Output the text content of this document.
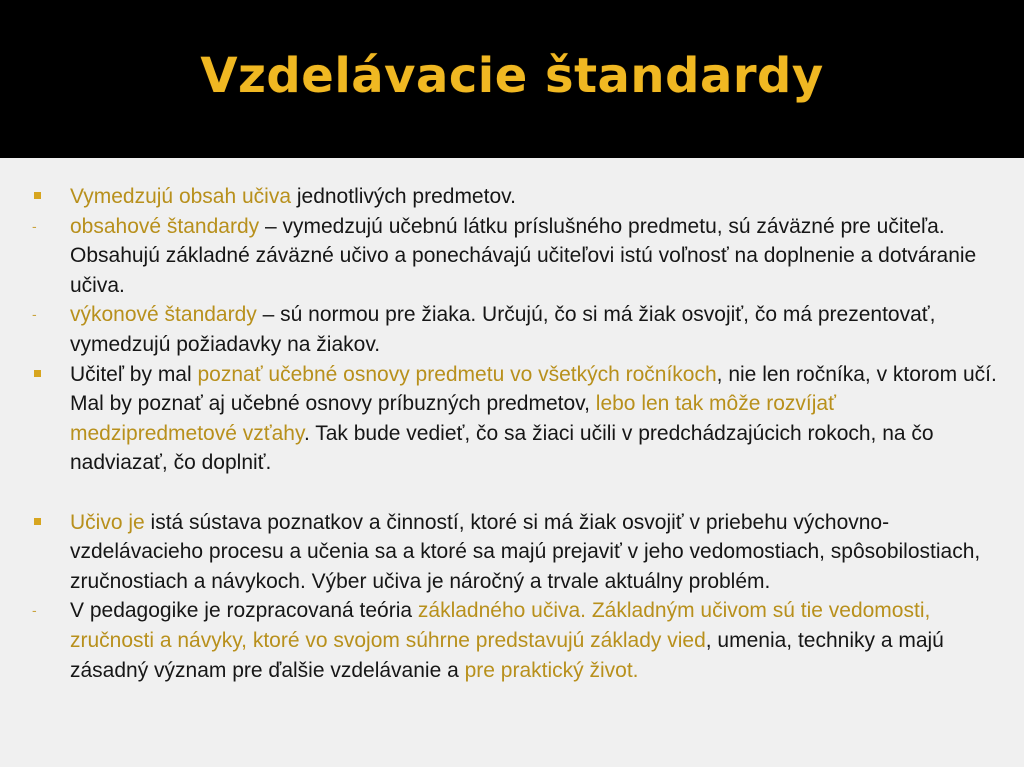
Vzdelávacie štandardy
Vymedzujú obsah učiva jednotlivých predmetov.
-	obsahové štandardy – vymedzujú učebnú látku príslušného predmetu, sú záväzné pre učiteľa. Obsahujú základné záväzné učivo a ponechávajú učiteľovi istú voľnosť na doplnenie a dotváranie učiva.
-	výkonové štandardy – sú normou pre žiaka. Určujú, čo si má žiak osvojiť, čo má prezentovať, vymedzujú požiadavky na žiakov.
Učiteľ by mal poznať učebné osnovy predmetu vo všetkých ročníkoch, nie len ročníka, v ktorom učí. Mal by poznať aj učebné osnovy príbuzných predmetov, lebo len tak môže rozvíjať medzipredmetové vzťahy. Tak bude vedieť, čo sa žiaci učili v predchádzajúcich rokoch, na čo nadviazať, čo doplniť.
Učivo je istá sústava poznatkov a činností, ktoré si má žiak osvojiť v priebehu výchovno-vzdelávacieho procesu a učenia sa a ktoré sa majú prejaviť v jeho vedomostiach, spôsobilostiach, zručnostiach a návykoch. Výber učiva je náročný a trvale aktuálny problém.
-	V pedagogike je rozpracovaná teória základného učiva. Základným učivom sú tie vedomosti, zručnosti a návyky, ktoré vo svojom súhrne predstavujú základy vied, umenia, techniky a majú zásadný význam pre ďalšie vzdelávanie a pre praktický život.
